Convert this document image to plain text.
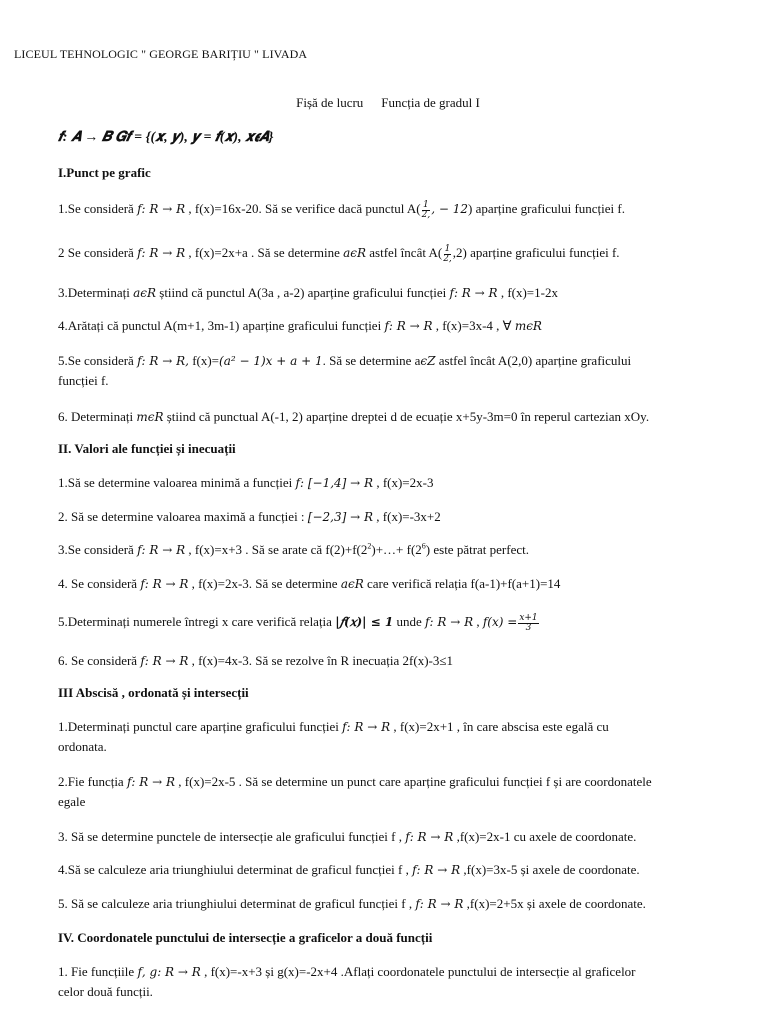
LICEUL TEHNOLOGIC " GEORGE BARIȚIU " LIVADA
Fișă de lucru Funcția de gradul I
𝒇: 𝑨 → 𝑩 𝑮𝒇 = {(𝒙, 𝒚), 𝒚 = 𝒇(𝒙), 𝒙𝝐𝑨}
I.Punct pe grafic
1.Se consideră 𝑓: 𝑅 → 𝑅 , f(x)=16x-20. Să se verifice dacă punctul $A( \frac{1}{2,}$ , − 12) aparține graficului funcției f.
2 Se consideră 𝑓: 𝑅 → 𝑅 , f(x)=2x+a . Să se determine 𝑎𝜖𝑅 astfel încât $A( \frac{1}{2,} ,2)$ aparține graficului funcției f.
3.Determinați 𝑎𝜖𝑅 știind că punctul A(3a , a-2) aparține graficului funcției 𝑓: 𝑅 → 𝑅 , f(x)=1-2x
4.Arătați că punctul A(m+1, 3m-1) aparține graficului funcției 𝑓: 𝑅 → 𝑅 , f(x)=3x-4 , ∀ 𝑚𝜖𝑅
5.Se consideră 𝑓: 𝑅 → 𝑅, f(x)=(𝑎² − 1)𝑥 + 𝑎 + 1. Să se determine a𝜖𝑍 astfel încât A(2,0) aparține graficului
funcției f.
6. Determinați 𝑚𝜖𝑅 știind că punctual A(-1, 2) aparține dreptei d de ecuație x+5y-3m=0 în reperul cartezian xOy.
II. Valori ale funcției și inecuații
1.Să se determine valoarea minimă a funcției 𝑓: [−1,4] → 𝑅 , f(x)=2x-3
2. Să se determine valoarea maximă a funcției : [−2,3] → 𝑅 , f(x)=-3x+2
3.Se consideră 𝑓: 𝑅 → 𝑅 , f(x)=x+3 . Să se arate că $f(2)+f(2^2)+\dots+ f(2^6)$ este pătrat perfect.
4. Se consideră 𝑓: 𝑅 → 𝑅 , f(x)=2x-3. Să se determine 𝑎𝜖𝑅 care verifică relația f(a-1)+f(a+1)=14
5.Determinați numerele întregi x care verifică relația |𝑓(𝑥)| ≤ 1 unde 𝑓: 𝑅 → 𝑅 , 𝑓(𝑥) = $\frac{\text{𝑥+1}}{3}$
6. Se consideră 𝑓: 𝑅 → 𝑅 , f(x)=4x-3. Să se rezolve în R inecuația 2f(x)-3≤1
III Abscisă , ordonată și intersecții
1.Determinați punctul care aparține graficului funcției 𝑓: 𝑅 → 𝑅 , f(x)=2x+1 , în care abscisa este egală cu
ordonata.
2.Fie funcția 𝑓: 𝑅 → 𝑅 , f(x)=2x-5 . Să se determine un punct care aparține graficului funcției f și are coordonatele
egale
3. Să se determine punctele de intersecție ale graficului funcției f , 𝑓: 𝑅 → 𝑅 ,f(x)=2x-1 cu axele de coordonate.
4.Să se calculeze aria triunghiului determinat de graficul funcției f , 𝑓: 𝑅 → 𝑅 ,f(x)=3x-5 și axele de coordonate.
5. Să se calculeze aria triunghiului determinat de graficul funcției f , 𝑓: 𝑅 → 𝑅 ,f(x)=2+5x și axele de coordonate.
IV. Coordonatele punctului de intersecție a graficelor a două funcții
1. Fie funcțiile 𝑓, 𝑔: 𝑅 → 𝑅 , f(x)=-x+3 și g(x)=-2x+4 .Aflați coordonatele punctului de intersecție al graficelor
celor două funcții.
